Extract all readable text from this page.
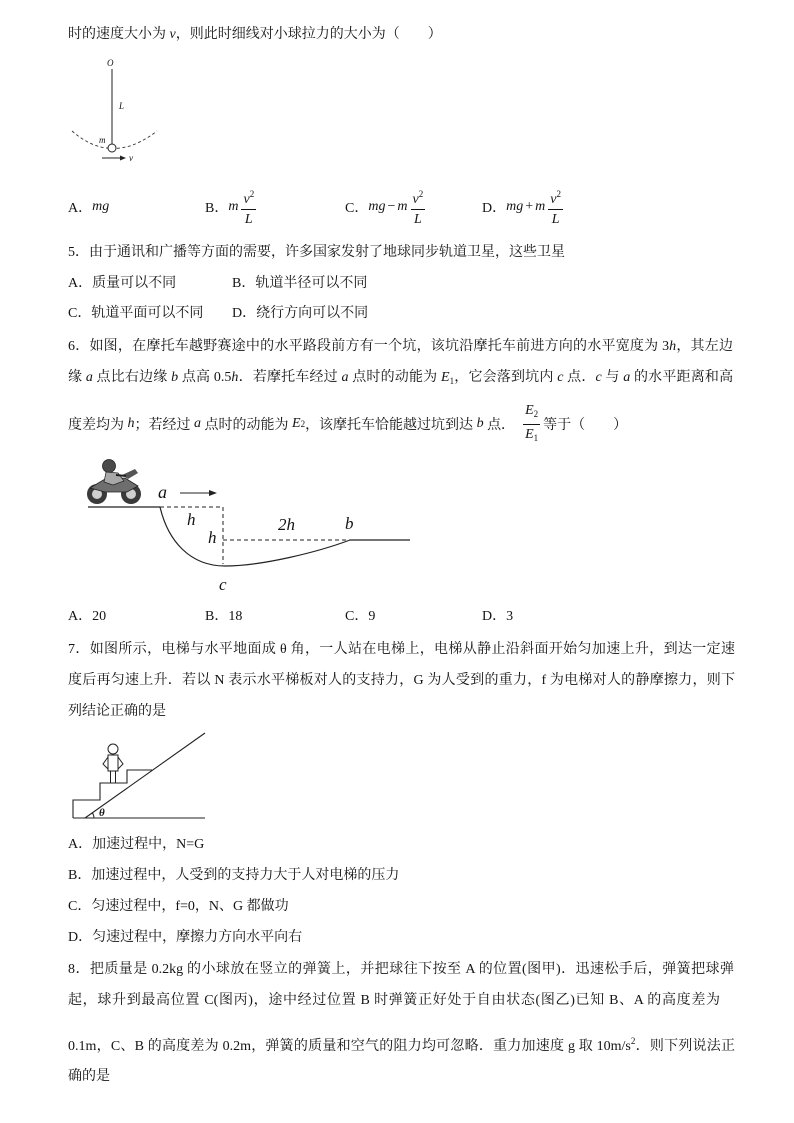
时的速度大小为 v，则此时细线对小球拉力的大小为（　　）
O
L
m
v
A． mg	B． m $\frac{v^2}{L}$	C． mg − m $\frac{v^2}{L}$	D． mg + m $\frac{v^2}{L}$
5．由于通讯和广播等方面的需要，许多国家发射了地球同步轨道卫星，这些卫星
A．质量可以不同	B．轨道半径可以不同
C．轨道平面可以不同 D．绕行方向可以不同
6．如图，在摩托车越野赛途中的水平路段前方有一个坑，该坑沿摩托车前进方向的水平宽度为 3h，其左边
缘 a 点比右边缘 b 点高 0.5h．若摩托车经过 a 点时的动能为 $E_1$，它会落到坑内 c 点．c 与 a 的水平距离和高
度差均为
h ；若经过
a
点时的动能为
E 2 ，该摩托车恰能越过坑到达
b
点． $\frac{E_2}{E_1}$ 等于（　　）
a
h
h
2h	b
c
A．20	B．18	C．9	D．3
7．如图所示，电梯与水平地面成 θ 角，一人站在电梯上，电梯从静止沿斜面开始匀加速上升，到达一定速
度后再匀速上升．若以 N 表示水平梯板对人的支持力，G 为人受到的重力，f 为电梯对人的静摩擦力，则下
列结论正确的是
θ
A．加速过程中，N=G
B．加速过程中，人受到的支持力大于人对电梯的压力
C．匀速过程中，f=0，N、G 都做功
D．匀速过程中，摩擦力方向水平向右
8．把质量是 0.2kg 的小球放在竖立的弹簧上，并把球往下按至 A 的位置(图甲)．迅速松手后，弹簧把球弹
起，球升到最高位置 C(图丙)，途中经过位置 B 时弹簧正好处于自由状态(图乙)已知 B、A 的高度差为
0.1m，C、B 的高度差为 0.2m，弹簧的质量和空气的阻力均可忽略．重力加速度 g 取 $10m/s^2$．则下列说法正
确的是
